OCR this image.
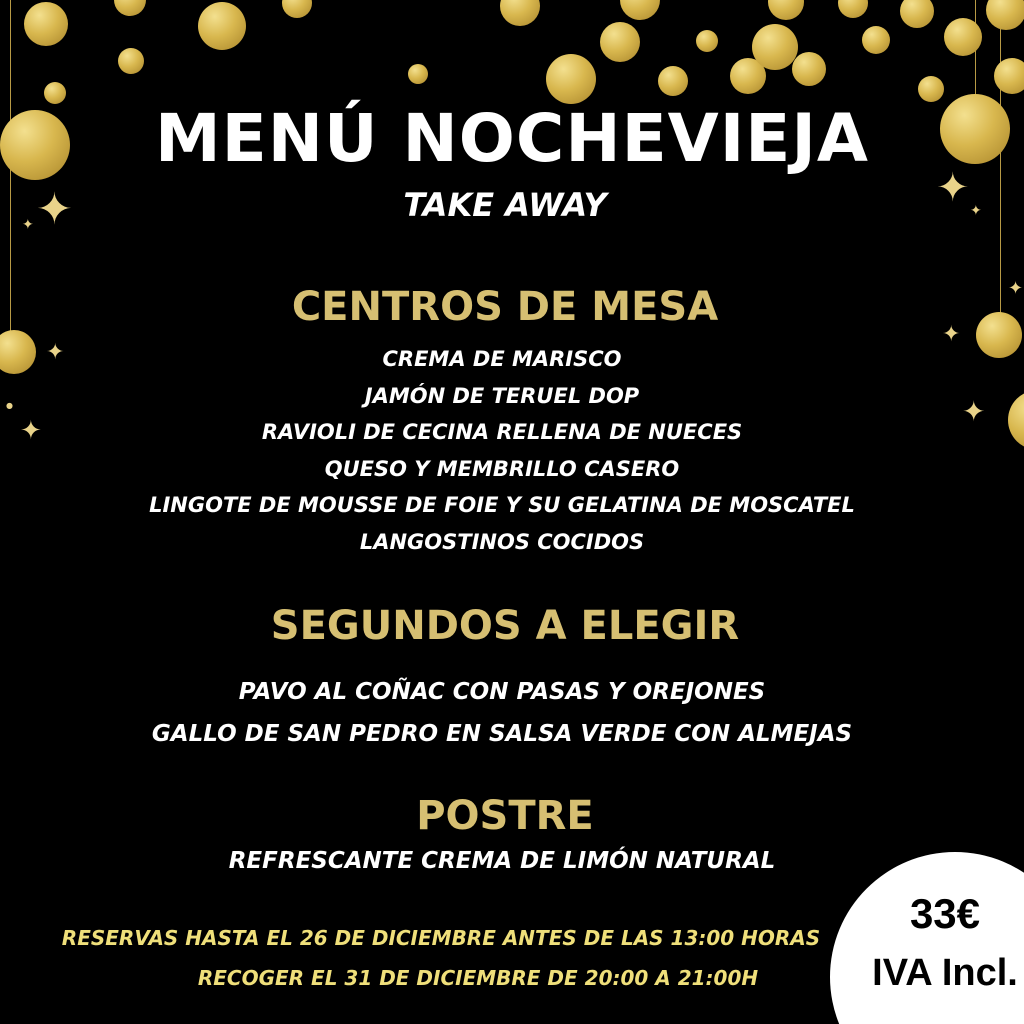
✦
✦
✦
✦
●
✦ ✦
✦
✦
✦
MENÚ NOCHEVIEJA
TAKE AWAY
CENTROS DE MESA
CREMA DE MARISCO
JAMÓN DE TERUEL DOP
RAVIOLI DE CECINA RELLENA DE NUECES
QUESO Y MEMBRILLO CASERO
LINGOTE DE MOUSSE DE FOIE Y SU GELATINA DE MOSCATEL
LANGOSTINOS COCIDOS
SEGUNDOS A ELEGIR
PAVO AL COÑAC CON PASAS Y OREJONES
GALLO DE SAN PEDRO EN SALSA VERDE CON ALMEJAS
POSTRE
REFRESCANTE CREMA DE LIMÓN NATURAL
RESERVAS HASTA EL 26 DE DICIEMBRE ANTES DE LAS 13:00 HORAS
RECOGER EL 31 DE DICIEMBRE DE 20:00 A 21:00H
33€
IVA Incl.
